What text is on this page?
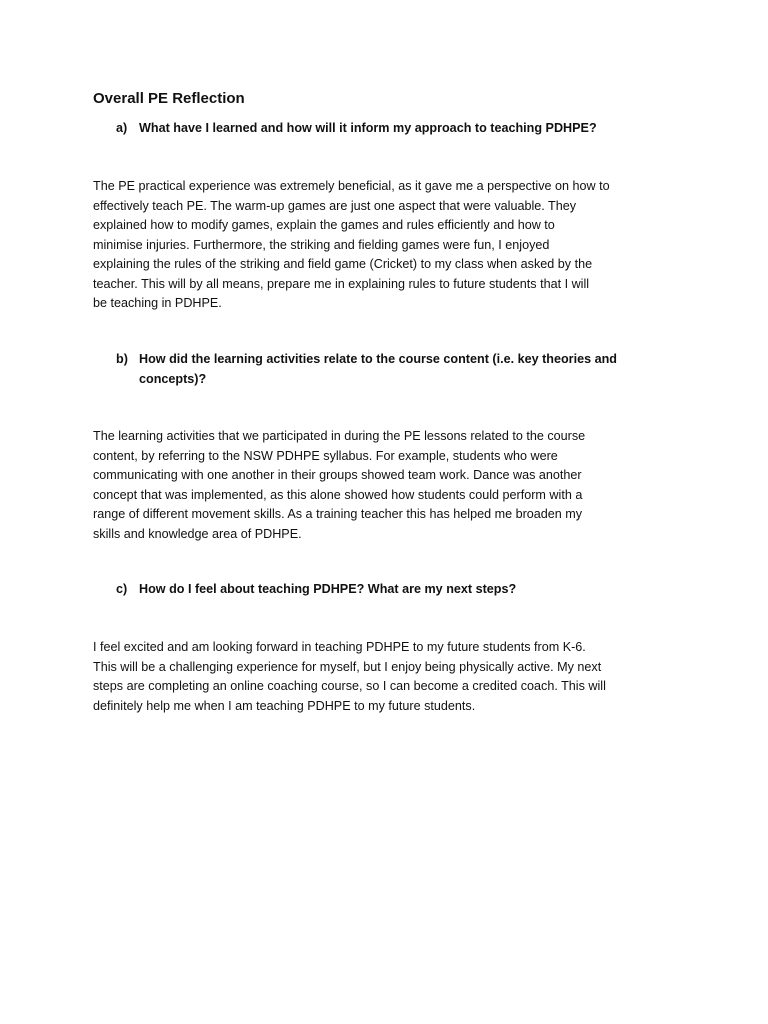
Overall PE Reflection
a) What have I learned and how will it inform my approach to teaching PDHPE?

The PE practical experience was extremely beneficial, as it gave me a perspective on how to
effectively teach PE. The warm-up games are just one aspect that were valuable. They
explained how to modify games, explain the games and rules efficiently and how to
minimise injuries. Furthermore, the striking and fielding games were fun, I enjoyed
explaining the rules of the striking and field game (Cricket) to my class when asked by the
teacher. This will by all means, prepare me in explaining rules to future students that I will
be teaching in PDHPE.

b) How did the learning activities relate to the course content (i.e. key theories and
concepts)?

The learning activities that we participated in during the PE lessons related to the course
content, by referring to the NSW PDHPE syllabus. For example, students who were
communicating with one another in their groups showed team work. Dance was another
concept that was implemented, as this alone showed how students could perform with a
range of different movement skills. As a training teacher this has helped me broaden my
skills and knowledge area of PDHPE.

c) How do I feel about teaching PDHPE? What are my next steps?

I feel excited and am looking forward in teaching PDHPE to my future students from K-6.
This will be a challenging experience for myself, but I enjoy being physically active. My next
steps are completing an online coaching course, so I can become a credited coach. This will
definitely help me when I am teaching PDHPE to my future students.
